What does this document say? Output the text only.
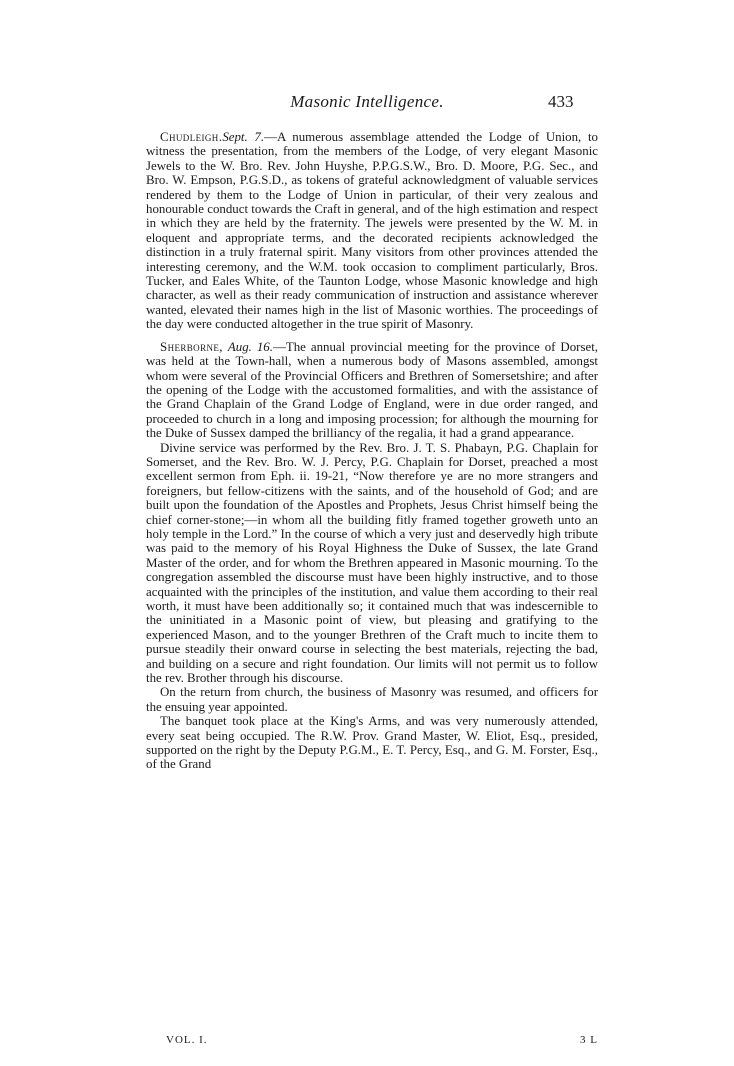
Masonic Intelligence.	433

Chudleigh.Sept. 7.—A numerous assemblage attended the Lodge of Union, to witness the presentation, from the members of the Lodge, of very elegant Masonic Jewels to the W. Bro. Rev. John Huyshe, P.P.G.S.W., Bro. D. Moore, P.G. Sec., and Bro. W. Empson, P.G.S.D., as tokens of grateful acknowledgment of valuable services rendered by them to the Lodge of Union in particular, of their very zealous and honourable conduct towards the Craft in general, and of the high estimation and respect in which they are held by the fraternity. The jewels were presented by the W. M. in eloquent and appropriate terms, and the decorated recipients acknowledged the distinction in a truly fraternal spirit. Many visitors from other provinces attended the interesting ceremony, and the W.M. took occasion to compliment particularly, Bros. Tucker, and Eales White, of the Taunton Lodge, whose Masonic knowledge and high character, as well as their ready communication of instruction and assistance wherever wanted, elevated their names high in the list of Masonic worthies. The proceedings of the day were conducted altogether in the true spirit of Masonry.

Sherborne, Aug. 16.—The annual provincial meeting for the province of Dorset, was held at the Town-hall, when a numerous body of Masons assembled, amongst whom were several of the Provincial Officers and Brethren of Somersetshire; and after the opening of the Lodge with the accustomed formalities, and with the assistance of the Grand Chaplain of the Grand Lodge of England, were in due order ranged, and proceeded to church in a long and imposing procession; for although the mourning for the Duke of Sussex damped the brilliancy of the regalia, it had a grand appearance.

Divine service was performed by the Rev. Bro. J. T. S. Phabayn, P.G. Chaplain for Somerset, and the Rev. Bro. W. J. Percy, P.G. Chaplain for Dorset, preached a most excellent sermon from Eph. ii. 19-21, “Now therefore ye are no more strangers and foreigners, but fellow-citizens with the saints, and of the household of God; and are built upon the foundation of the Apostles and Prophets, Jesus Christ himself being the chief corner-stone;—in whom all the building fitly framed together groweth unto an holy temple in the Lord.” In the course of which a very just and deservedly high tribute was paid to the memory of his Royal Highness the Duke of Sussex, the late Grand Master of the order, and for whom the Brethren appeared in Masonic mourning. To the congregation assembled the discourse must have been highly instructive, and to those acquainted with the principles of the institution, and value them according to their real worth, it must have been additionally so; it contained much that was indescernible to the uninitiated in a Masonic point of view, but pleasing and gratifying to the experienced Mason, and to the younger Brethren of the Craft much to incite them to pursue steadily their onward course in selecting the best materials, rejecting the bad, and building on a secure and right foundation. Our limits will not permit us to follow the rev. Brother through his discourse.

On the return from church, the business of Masonry was resumed, and officers for the ensuing year appointed.

The banquet took place at the King's Arms, and was very numerously attended, every seat being occupied. The R.W. Prov. Grand Master, W. Eliot, Esq., presided, supported on the right by the Deputy P.G.M., E. T. Percy, Esq., and G. M. Forster, Esq., of the Grand

VOL. I.	3 L
